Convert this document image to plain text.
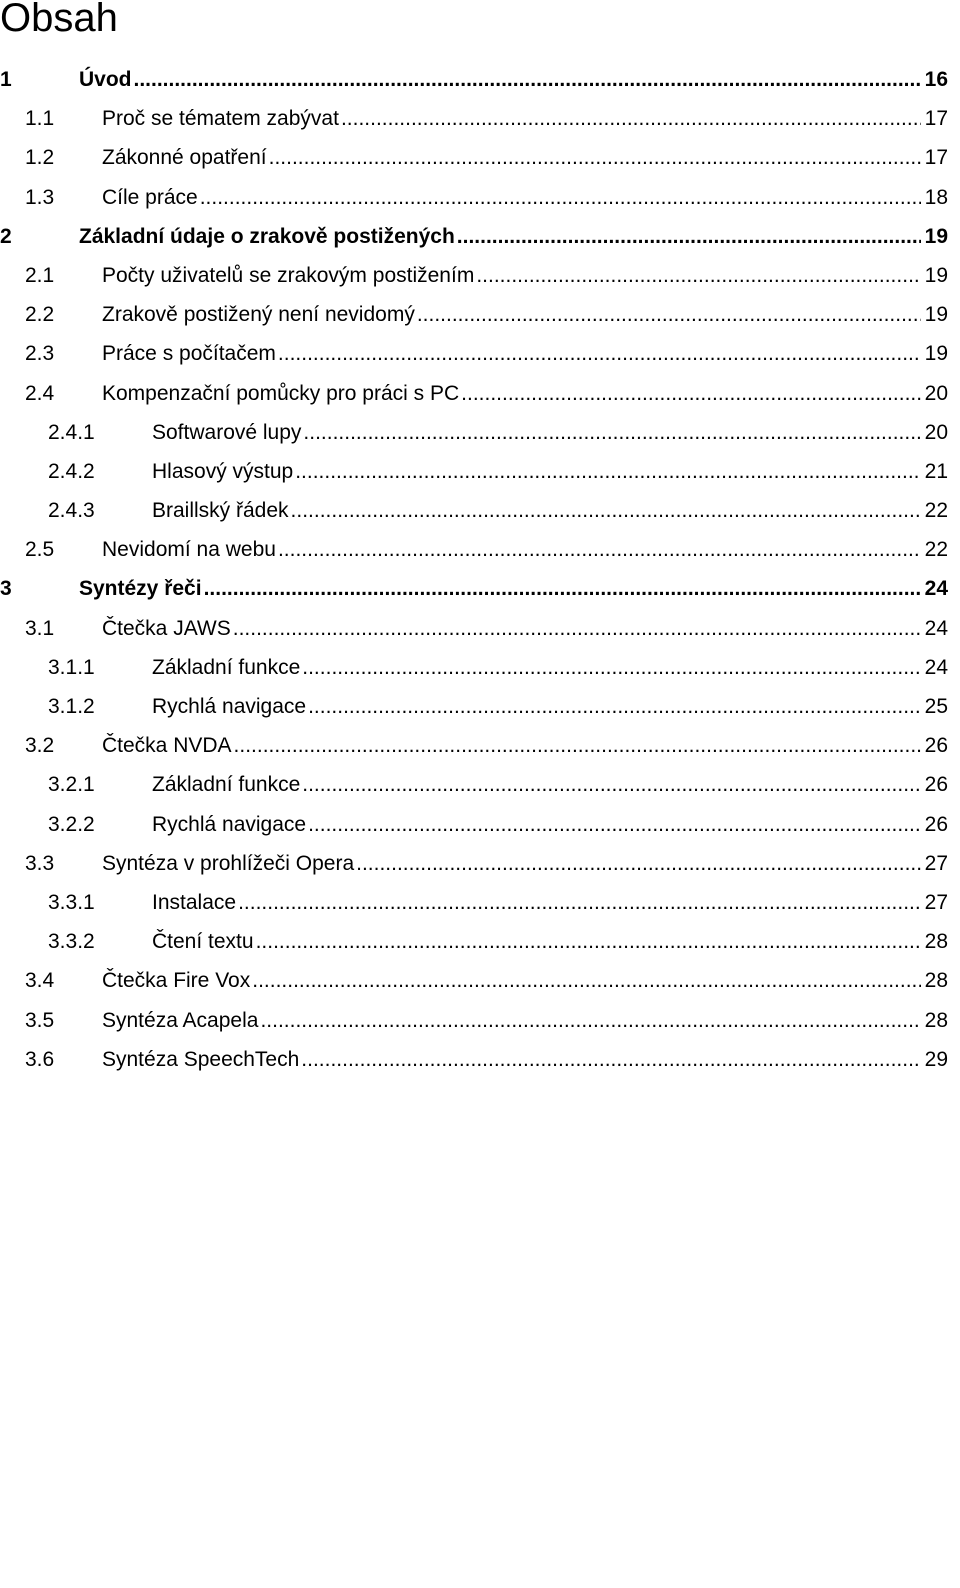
Obsah
1	Úvod .....	16
1.1	Proč se tématem zabývat .....	17
1.2	Zákonné opatření .....	17
1.3	Cíle práce .....	18
2	Základní údaje o zrakově postižených .....	19
2.1	Počty uživatelů se zrakovým postižením .....	19
2.2	Zrakově postižený není nevidomý .....	19
2.3	Práce s počítačem .....	19
2.4	Kompenzační pomůcky pro práci s PC .....	20
2.4.1	Softwarové lupy .....	20
2.4.2	Hlasový výstup .....	21
2.4.3	Braillský řádek .....	22
2.5	Nevidomí na webu .....	22
3	Syntézy řeči .....	24
3.1	Čtečka JAWS .....	24
3.1.1	Základní funkce .....	24
3.1.2	Rychlá navigace .....	25
3.2	Čtečka NVDA .....	26
3.2.1	Základní funkce .....	26
3.2.2	Rychlá navigace .....	26
3.3	Syntéza v prohlížeči Opera .....	27
3.3.1	Instalace .....	27
3.3.2	Čtení textu .....	28
3.4	Čtečka Fire Vox .....	28
3.5	Syntéza Acapela .....	28
3.6	Syntéza SpeechTech .....	29
